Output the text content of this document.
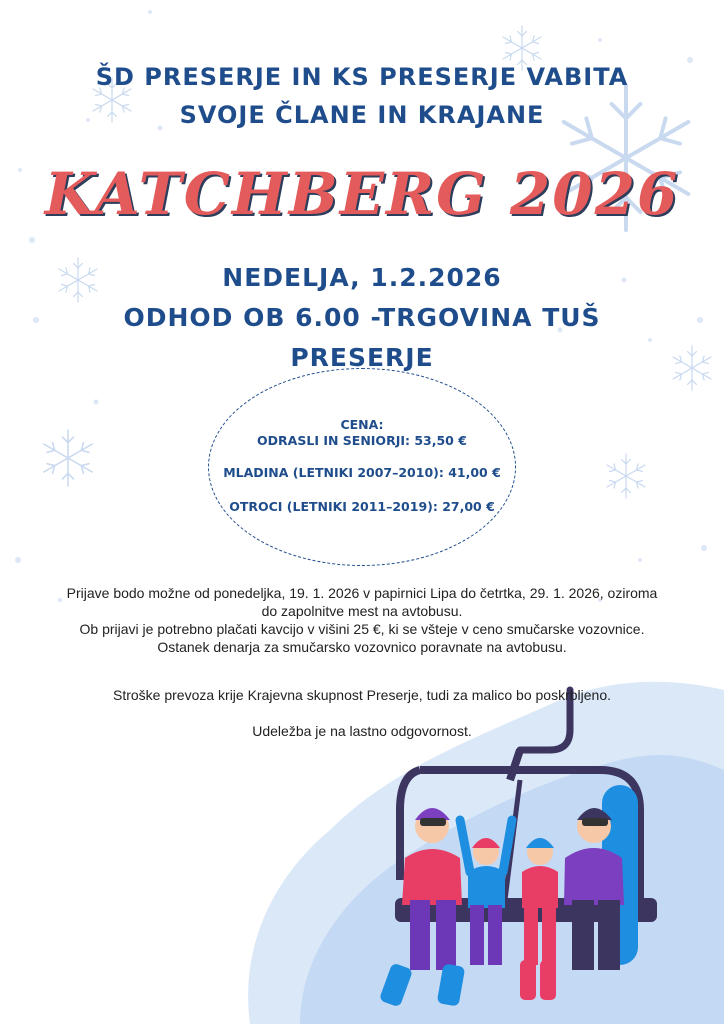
ŠD PRESERJE IN KS PRESERJE VABITA
SVOJE ČLANE IN KRAJANE
KATCHBERG 2026
NEDELJA, 1.2.2026
ODHOD OB 6.00 -TRGOVINA TUŠ
PRESERJE
CENA:
ODRASLI IN SENIORJI: 53,50 €
MLADINA (LETNIKI 2007–2010): 41,00 €
OTROCI (LETNIKI 2011–2019): 27,00 €
Prijave bodo možne od ponedeljka, 19. 1. 2026 v papirnici Lipa do četrtka, 29. 1. 2026, oziroma do zapolnitve mest na avtobusu.
Ob prijavi je potrebno plačati kavcijo v višini 25 €, ki se všteje v ceno smučarske vozovnice. Ostanek denarja za smučarsko vozovnico poravnate na avtobusu.
Stroške prevoza krije Krajevna skupnost Preserje, tudi za malico bo poskrbljeno.
Udeležba je na lastno odgovornost.
